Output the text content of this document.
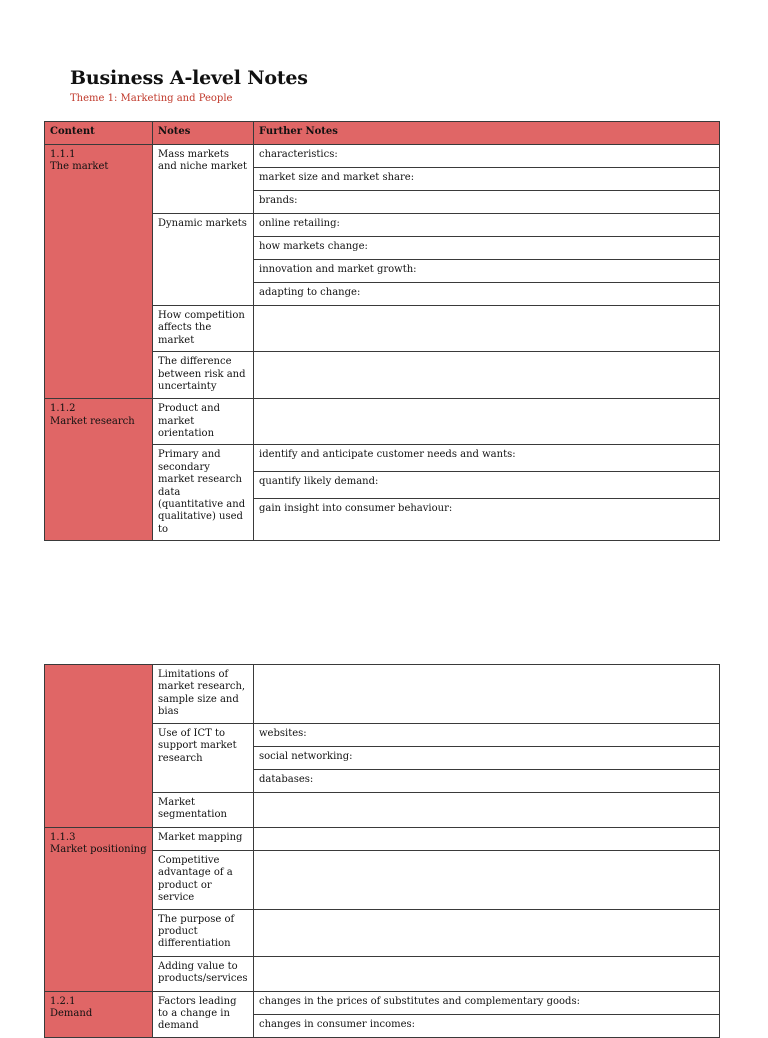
Business A-level Notes

Theme 1: Marketing and People

Content	Notes	Further Notes

1.1.1
The market	Mass markets and niche market	characteristics:
		market size and market share:
		brands:
	Dynamic markets	online retailing:
		how markets change:
		innovation and market growth:
		adapting to change:
	How competition affects the market	
	The difference between risk and uncertainty	

1.1.2
Market research	Product and market orientation	
	Primary and secondary market research data (quantitative and qualitative) used to	identify and anticipate customer needs and wants:
		quantify likely demand:
		gain insight into consumer behaviour:
	Limitations of market research, sample size and bias	
	Use of ICT to support market research	websites:
		social networking:
		databases:
	Market segmentation	

1.1.3
Market positioning	Market mapping	
	Competitive advantage of a product or service	
	The purpose of product differentiation	
	Adding value to products/services	

1.2.1
Demand	Factors leading to a change in demand	changes in the prices of substitutes and complementary goods:
		changes in consumer incomes:
